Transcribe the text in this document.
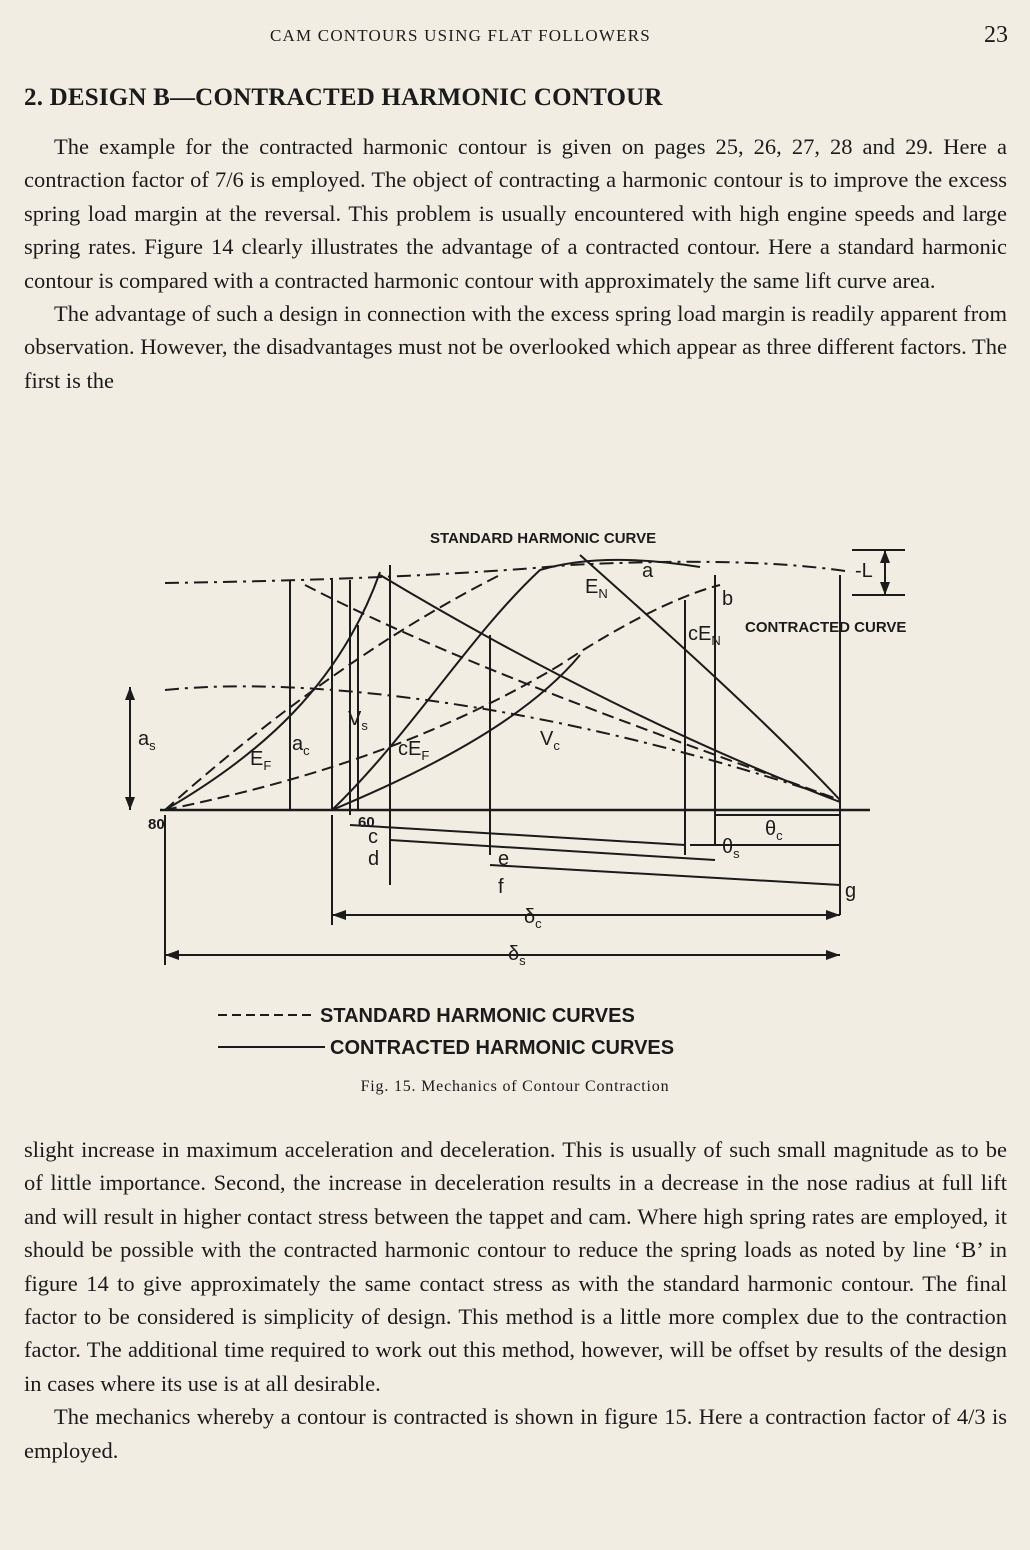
CAM CONTOURS USING FLAT FOLLOWERS	23
2. DESIGN B—CONTRACTED HARMONIC CONTOUR

The example for the contracted harmonic contour is given on pages 25, 26, 27, 28 and 29. Here a contraction factor of 7/6 is employed. The object of contracting a harmonic contour is to improve the excess spring load margin at the reversal. This problem is usually encountered with high engine speeds and large spring rates. Figure 14 clearly illustrates the advantage of a contracted contour. Here a standard harmonic contour is compared with a contracted harmonic contour with approximately the same lift curve area.

The advantage of such a design in connection with the excess spring load margin is readily apparent from observation. However, the disadvantages must not be overlooked which appear as three different factors. The first is the

STANDARD HARMONIC CURVE
CONTRACTED CURVE
a	-L
b
$E_N$
$cE_N$
$a_s$	$a_c$
$E_F$
$V_s$
$cE_F$
$V_c$
80	60
c
d	e
f	g
$\theta_c$
$\theta_s$
$\delta_c$
$\delta_s$
STANDARD HARMONIC CURVES
CONTRACTED HARMONIC CURVES
Fig. 15. Mechanics of Contour Contraction

slight increase in maximum acceleration and deceleration. This is usually of such small magnitude as to be of little importance. Second, the increase in deceleration results in a decrease in the nose radius at full lift and will result in higher contact stress between the tappet and cam. Where high spring rates are employed, it should be possible with the contracted harmonic contour to reduce the spring loads as noted by line ‘B’ in figure 14 to give approximately the same contact stress as with the standard harmonic contour. The final factor to be considered is simplicity of design. This method is a little more complex due to the contraction factor. The additional time required to work out this method, however, will be offset by results of the design in cases where its use is at all desirable.

The mechanics whereby a contour is contracted is shown in figure 15. Here a contraction factor of 4/3 is employed.
